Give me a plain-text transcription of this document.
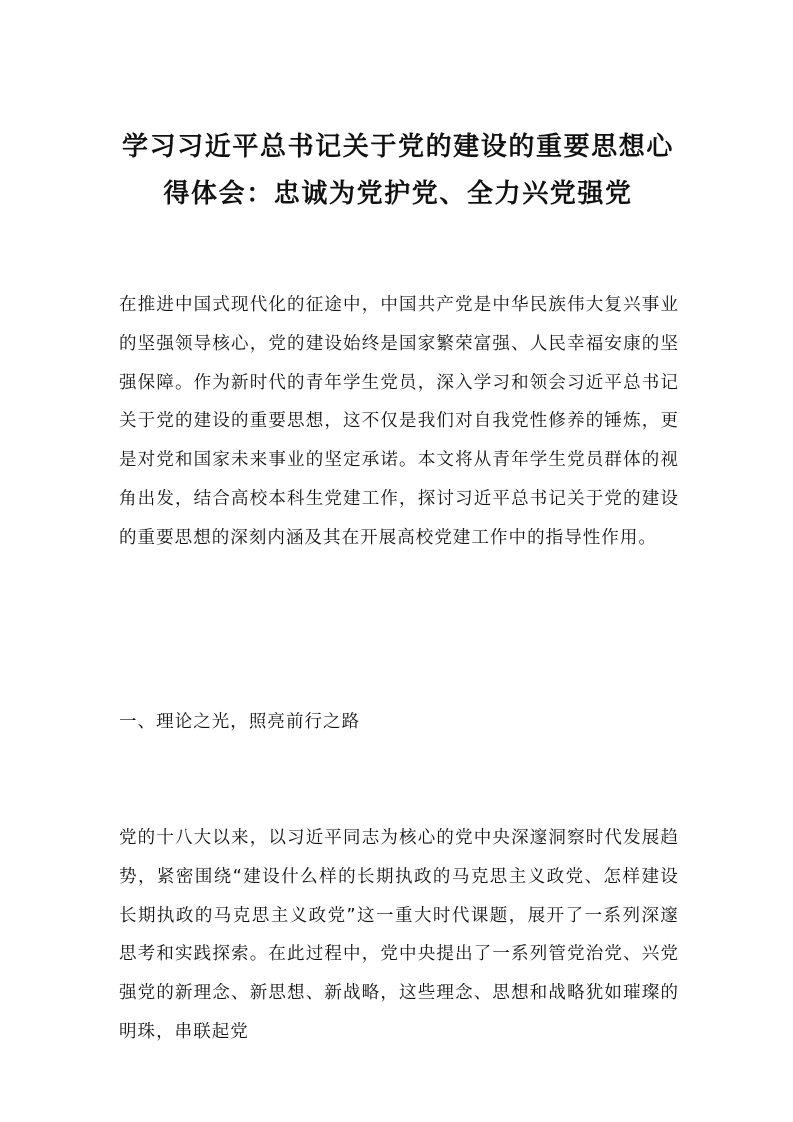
学习习近平总书记关于党的建设的重要思想心得体会：忠诚为党护党、全力兴党强党

在推进中国式现代化的征途中，中国共产党是中华民族伟大复兴事业的坚强领导核心，党的建设始终是国家繁荣富强、人民幸福安康的坚强保障。作为新时代的青年学生党员，深入学习和领会习近平总书记关于党的建设的重要思想，这不仅是我们对自我党性修养的锤炼，更是对党和国家未来事业的坚定承诺。本文将从青年学生党员群体的视角出发，结合高校本科生党建工作，探讨习近平总书记关于党的建设的重要思想的深刻内涵及其在开展高校党建工作中的指导性作用。

一、理论之光，照亮前行之路

党的十八大以来，以习近平同志为核心的党中央深邃洞察时代发展趋势，紧密围绕“建设什么样的长期执政的马克思主义政党、怎样建设长期执政的马克思主义政党”这一重大时代课题，展开了一系列深邃思考和实践探索。在此过程中，党中央提出了一系列管党治党、兴党强党的新理念、新思想、新战略，这些理念、思想和战略犹如璀璨的明珠，串联起党
